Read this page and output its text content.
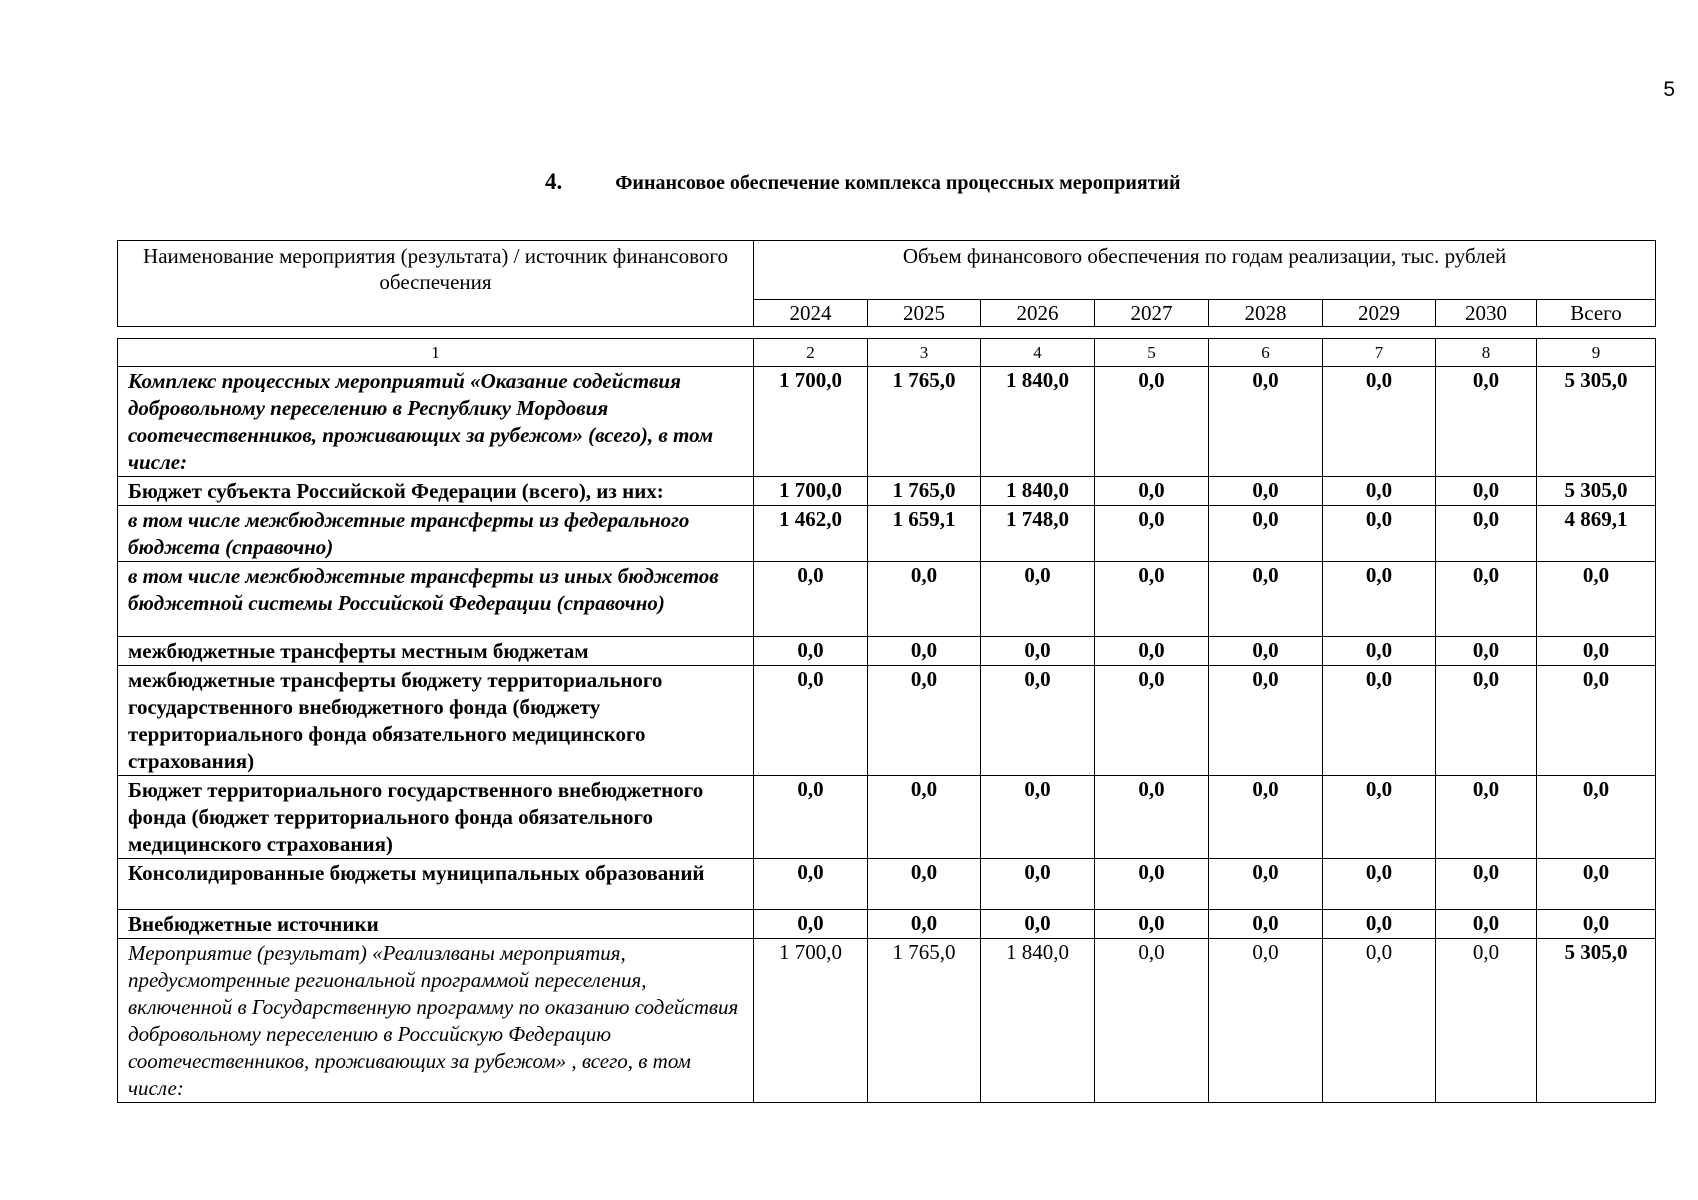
5
4.	Финансовое обеспечение комплекса процессных мероприятий
Наименование мероприятия (результата) / источник финансового обеспечения	Объем финансового обеспечения по годам реализации, тыс. рублей							
	2024	2025	2026	2027	2028	2029	2030	Всего
1	2	3	4	5	6	7	8	9
Комплекс процессных мероприятий «Оказание содействия добровольному переселению в Республику Мордовия соотечественников, проживающих за рубежом» (всего), в том числе:	1 700,0	1 765,0	1 840,0	0,0	0,0	0,0	0,0	5 305,0
Бюджет субъекта Российской Федерации (всего), из них:	1 700,0	1 765,0	1 840,0	0,0	0,0	0,0	0,0	5 305,0
в том числе межбюджетные трансферты из федерального бюджета (справочно)	1 462,0	1 659,1	1 748,0	0,0	0,0	0,0	0,0	4 869,1
в том числе межбюджетные трансферты из иных бюджетов бюджетной системы Российской Федерации (справочно)	0,0	0,0	0,0	0,0	0,0	0,0	0,0	0,0
межбюджетные трансферты местным бюджетам	0,0	0,0	0,0	0,0	0,0	0,0	0,0	0,0
межбюджетные трансферты бюджету территориального государственного внебюджетного фонда (бюджету территориального фонда обязательного медицинского страхования)	0,0	0,0	0,0	0,0	0,0	0,0	0,0	0,0
Бюджет территориального государственного внебюджетного фонда (бюджет территориального фонда обязательного медицинского страхования)	0,0	0,0	0,0	0,0	0,0	0,0	0,0	0,0
Консолидированные бюджеты муниципальных образований	0,0	0,0	0,0	0,0	0,0	0,0	0,0	0,0
Внебюджетные источники	0,0	0,0	0,0	0,0	0,0	0,0	0,0	0,0
Мероприятие (результат) «Реализлваны мероприятия, предусмотренные региональной программой переселения, включенной в Государственную программу по оказанию содействия добровольному переселению в Российскую Федерацию соотечественников, проживающих за рубежом» , всего, в том числе:	1 700,0	1 765,0	1 840,0	0,0	0,0	0,0	0,0	5 305,0
